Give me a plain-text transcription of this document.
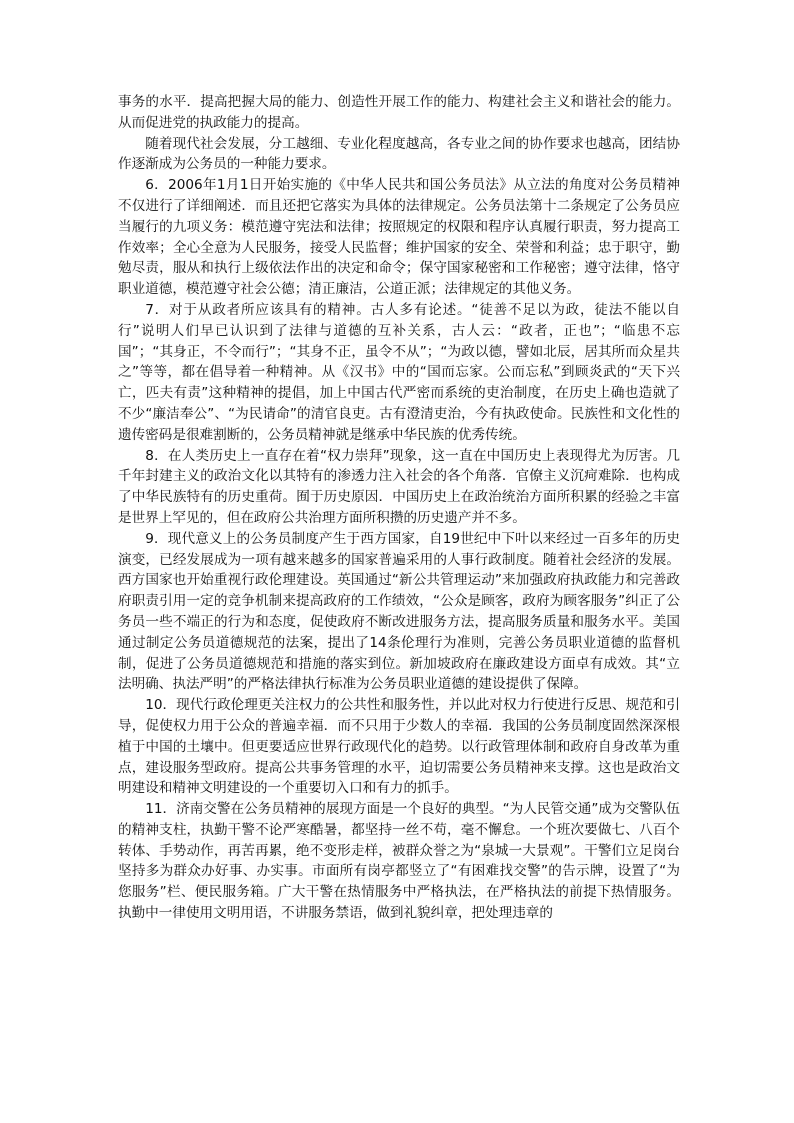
事务的水平．提高把握大局的能力、创造性开展工作的能力、构建社会主义和谐社会的能力。从而促进党的执政能力的提高。

随着现代社会发展，分工越细、专业化程度越高，各专业之间的协作要求也越高，团结协作逐渐成为公务员的一种能力要求。

6．2006年1月1日开始实施的《中华人民共和国公务员法》从立法的角度对公务员精神不仅进行了详细阐述．而且还把它落实为具体的法律规定。公务员法第十二条规定了公务员应当履行的九项义务：模范遵守宪法和法律；按照规定的权限和程序认真履行职责，努力提高工作效率；全心全意为人民服务，接受人民监督；维护国家的安全、荣誉和利益；忠于职守，勤勉尽责，服从和执行上级依法作出的决定和命令；保守国家秘密和工作秘密；遵守法律，恪守职业道德，模范遵守社会公德；清正廉洁，公道正派；法律规定的其他义务。

7．对于从政者所应该具有的精神。古人多有论述。“徒善不足以为政，徒法不能以自行”说明人们早已认识到了法律与道德的互补关系，古人云：“政者，正也”；“临患不忘国”；“其身正，不令而行”；“其身不正，虽令不从”；“为政以德，譬如北辰，居其所而众星共之”等等，都在倡导着一种精神。从《汉书》中的“国而忘家。公而忘私”到顾炎武的“天下兴亡，匹夫有责”这种精神的提倡，加上中国古代严密而系统的吏治制度，在历史上确也造就了不少“廉洁奉公”、“为民请命”的清官良吏。古有澄清吏治，今有执政使命。民族性和文化性的遗传密码是很难割断的，公务员精神就是继承中华民族的优秀传统。

8．在人类历史上一直存在着“权力崇拜”现象，这一直在中国历史上表现得尤为厉害。几千年封建主义的政治文化以其特有的渗透力注入社会的各个角落．官僚主义沉疴难除．也构成了中华民族特有的历史重荷。囿于历史原因．中国历史上在政治统治方面所积累的经验之丰富是世界上罕见的，但在政府公共治理方面所积攒的历史遗产并不多。

9．现代意义上的公务员制度产生于西方国家，自19世纪中下叶以来经过一百多年的历史演变，已经发展成为一项有越来越多的国家普遍采用的人事行政制度。随着社会经济的发展。西方国家也开始重视行政伦理建设。英国通过“新公共管理运动”来加强政府执政能力和完善政府职责引用一定的竞争机制来提高政府的工作绩效，“公众是顾客，政府为顾客服务”纠正了公务员一些不端正的行为和态度，促使政府不断改进服务方法，提高服务质量和服务水平。美国通过制定公务员道德规范的法案，提出了14条伦理行为准则，完善公务员职业道德的监督机制，促进了公务员道德规范和措施的落实到位。新加坡政府在廉政建设方面卓有成效。其“立法明确、执法严明”的严格法律执行标准为公务员职业道德的建设提供了保障。

10．现代行政伦理更关注权力的公共性和服务性，并以此对权力行使进行反思、规范和引导，促使权力用于公众的普遍幸福．而不只用于少数人的幸福．我国的公务员制度固然深深根植于中国的土壤中。但更要适应世界行政现代化的趋势。以行政管理体制和政府自身改革为重点，建设服务型政府。提高公共事务管理的水平，迫切需要公务员精神来支撑。这也是政治文明建设和精神文明建设的一个重要切入口和有力的抓手。

11．济南交警在公务员精神的展现方面是一个良好的典型。“为人民管交通”成为交警队伍的精神支柱，执勤干警不论严寒酷暑，都坚持一丝不苟，毫不懈怠。一个班次要做七、八百个转体、手势动作，再苦再累，绝不变形走样，被群众誉之为“泉城一大景观”。干警们立足岗台坚持多为群众办好事、办实事。市面所有岗亭都竖立了“有困难找交警”的告示牌，设置了“为您服务”栏、便民服务箱。广大干警在热情服务中严格执法，在严格执法的前提下热情服务。执勤中一律使用文明用语，不讲服务禁语，做到礼貌纠章，把处理违章的
